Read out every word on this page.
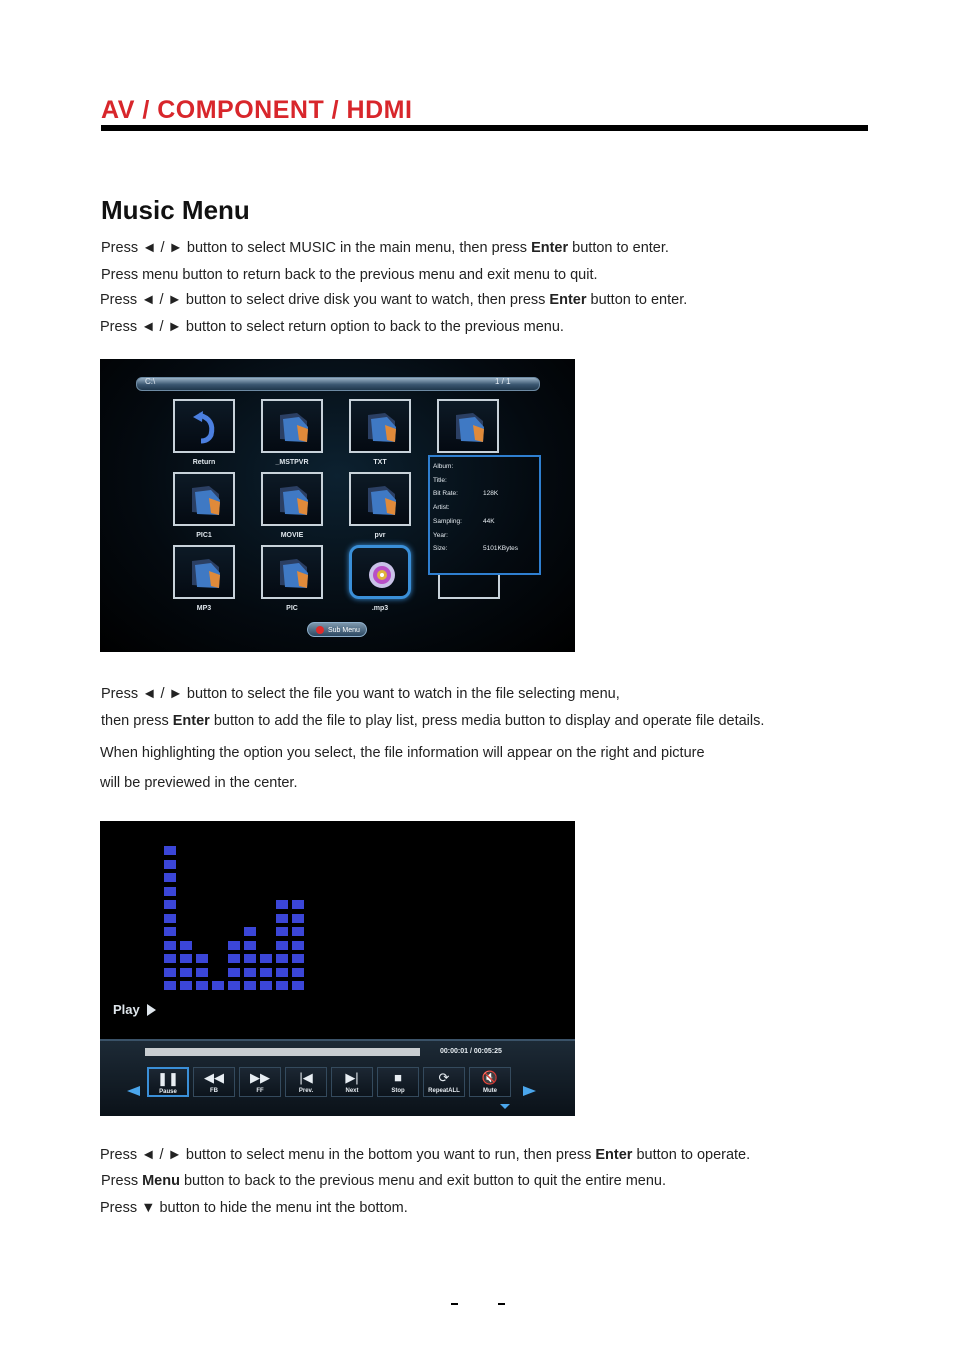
AV / COMPONENT / HDMI
Music Menu
Press ◄ / ► button to select MUSIC in the main menu, then press Enter button to enter.
Press menu button to return back to the previous menu and exit menu to quit.
Press ◄ / ► button to select drive disk you want to watch, then press Enter button to enter.
Press ◄ / ► button to select return option to back to the previous menu.
C:\	1 / 1
Return	_MSTPVR	TXT
PIC1	MOVIE	pvr
MP3	PIC	.mp3
Album:
Title:
Bit Rate:	128K
Artist:
Sampling:	44K
Year:
Size:	5101KBytes
Sub Menu
Press ◄ / ► button to select the file you want to watch in the file selecting menu,
then press Enter button to add the file to play list, press media button to display and operate file details.
When highlighting the option you select, the file information will appear on the right and picture
will be previewed in the center.
Play
00:00:01 / 00:05:25
❚❚
Pause
◀◀
FB
▶▶
FF
|◀
Prev.
▶|
Next
■
Stop
⟳
RepeatALL
🔇
Mute
Press ◄ / ► button to select menu in the bottom you want to run, then press Enter button to operate.
Press Menu button to back to the previous menu and exit button to quit the entire menu.
Press ▼ button to hide the menu int the bottom.
